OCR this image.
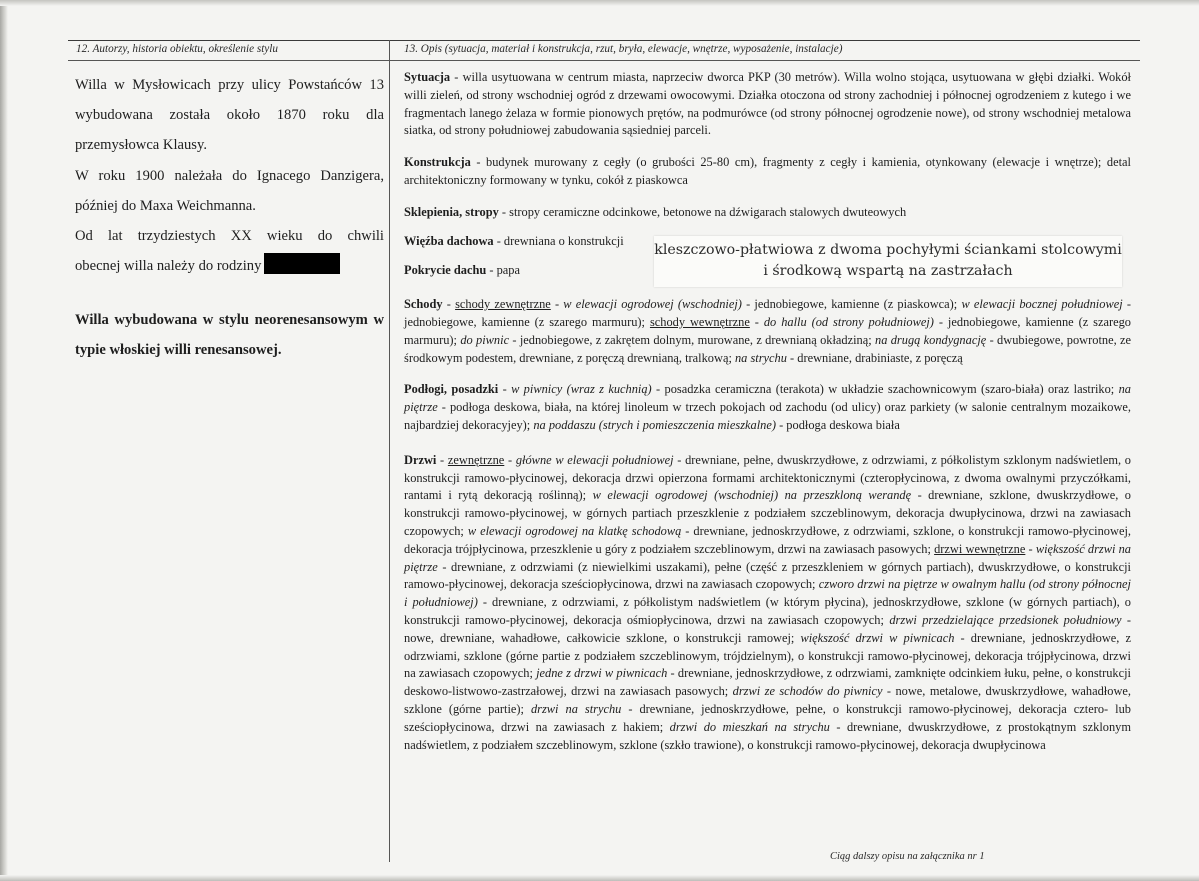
12. Autorzy, historia obiektu, określenie stylu	13. Opis (sytuacja, materiał i konstrukcja, rzut, bryła, elewacje, wnętrze, wyposażenie, instalacje)

Willa w Mysłowicach przy ulicy Powstańców 13

wybudowana została około 1870 roku dla

przemysłowca Klausy.

W roku 1900 należała do Ignacego Danzigera,

później do Maxa Weichmanna.

Od lat trzydziestych XX wieku do chwili

obecnej willa należy do rodziny

Willa wybudowana w stylu neorenesansowym w typie włoskiej willi renesansowej.

Sytuacja - willa usytuowana w centrum miasta, naprzeciw dworca PKP (30 metrów). Willa wolno stojąca, usytuowana w głębi działki. Wokół willi zieleń, od strony wschodniej ogród z drzewami owocowymi. Działka otoczona od strony zachodniej i północnej ogrodzeniem z kutego i we fragmentach lanego żelaza w formie pionowych prętów, na podmurówce (od strony północnej ogrodzenie nowe), od strony wschodniej metalowa siatka, od strony południowej zabudowania sąsiedniej parceli.

Konstrukcja - budynek murowany z cegły (o grubości 25-80 cm), fragmenty z cegły i kamienia, otynkowany (elewacje i wnętrze); detal architektoniczny formowany w tynku, cokół z piaskowca

Sklepienia, stropy - stropy ceramiczne odcinkowe, betonowe na dźwigarach stalowych dwuteowych

Więźba dachowa - drewniana o konstrukcji

Pokrycie dachu - papa

Schody - schody zewnętrzne - w elewacji ogrodowej (wschodniej) - jednobiegowe, kamienne (z piaskowca); w elewacji bocznej południowej - jednobiegowe, kamienne (z szarego marmuru); schody wewnętrzne - do hallu (od strony południowej) - jednobiegowe, kamienne (z szarego marmuru); do piwnic - jednobiegowe, z zakrętem dolnym, murowane, z drewnianą okładziną; na drugą kondygnację - dwubiegowe, powrotne, ze środkowym podestem, drewniane, z poręczą drewnianą, tralkową; na strychu - drewniane, drabiniaste, z poręczą

Podłogi, posadzki - w piwnicy (wraz z kuchnią) - posadzka ceramiczna (terakota) w układzie szachownicowym (szaro-biała) oraz lastriko; na piętrze - podłoga deskowa, biała, na której linoleum w trzech pokojach od zachodu (od ulicy) oraz parkiety (w salonie centralnym mozaikowe, najbardziej dekoracyjey); na poddaszu (strych i pomieszczenia mieszkalne) - podłoga deskowa biała

Drzwi - zewnętrzne - główne w elewacji południowej - drewniane, pełne, dwuskrzydłowe, z odrzwiami, z półkolistym szklonym nadświetlem, o konstrukcji ramowo-płycinowej, dekoracja drzwi opierzona formami architektonicznymi (czteropłycinowa, z dwoma owalnymi przyczółkami, rantami i rytą dekoracją roślinną); w elewacji ogrodowej (wschodniej) na przeszkloną werandę - drewniane, szklone, dwuskrzydłowe, o konstrukcji ramowo-płycinowej, w górnych partiach przeszklenie z podziałem szczeblinowym, dekoracja dwupłycinowa, drzwi na zawiasach czopowych; w elewacji ogrodowej na klatkę schodową - drewniane, jednoskrzydłowe, z odrzwiami, szklone, o konstrukcji ramowo-płycinowej, dekoracja trójpłycinowa, przeszklenie u góry z podziałem szczeblinowym, drzwi na zawiasach pasowych; drzwi wewnętrzne - większość drzwi na piętrze - drewniane, z odrzwiami (z niewielkimi uszakami), pełne (część z przeszkleniem w górnych partiach), dwuskrzydłowe, o konstrukcji ramowo-płycinowej, dekoracja sześciopłycinowa, drzwi na zawiasach czopowych; czworo drzwi na piętrze w owalnym hallu (od strony północnej i południowej) - drewniane, z odrzwiami, z półkolistym nadświetlem (w którym płycina), jednoskrzydłowe, szklone (w górnych partiach), o konstrukcji ramowo-płycinowej, dekoracja ośmiopłycinowa, drzwi na zawiasach czopowych; drzwi przedzielające przedsionek południowy - nowe, drewniane, wahadłowe, całkowicie szklone, o konstrukcji ramowej; większość drzwi w piwnicach - drewniane, jednoskrzydłowe, z odrzwiami, szklone (górne partie z podziałem szczeblinowym, trójdzielnym), o konstrukcji ramowo-płycinowej, dekoracja trójpłycinowa, drzwi na zawiasach czopowych; jedne z drzwi w piwnicach - drewniane, jednoskrzydłowe, z odrzwiami, zamknięte odcinkiem łuku, pełne, o konstrukcji deskowo-listwowo-zastrzałowej, drzwi na zawiasach pasowych; drzwi ze schodów do piwnicy - nowe, metalowe, dwuskrzydłowe, wahadłowe, szklone (górne partie); drzwi na strychu - drewniane, jednoskrzydłowe, pełne, o konstrukcji ramowo-płycinowej, dekoracja cztero- lub sześciopłycinowa, drzwi na zawiasach z hakiem; drzwi do mieszkań na strychu - drewniane, dwuskrzydłowe, z prostokątnym szklonym nadświetlem, z podziałem szczeblinowym, szklone (szkło trawione), o konstrukcji ramowo-płycinowej, dekoracja dwupłycinowa

kleszczowo-płatwiowa z dwoma pochyłymi ściankami stolcowymi
i środkową wspartą na zastrzałach
Ciąg dalszy opisu na załącznika nr 1
